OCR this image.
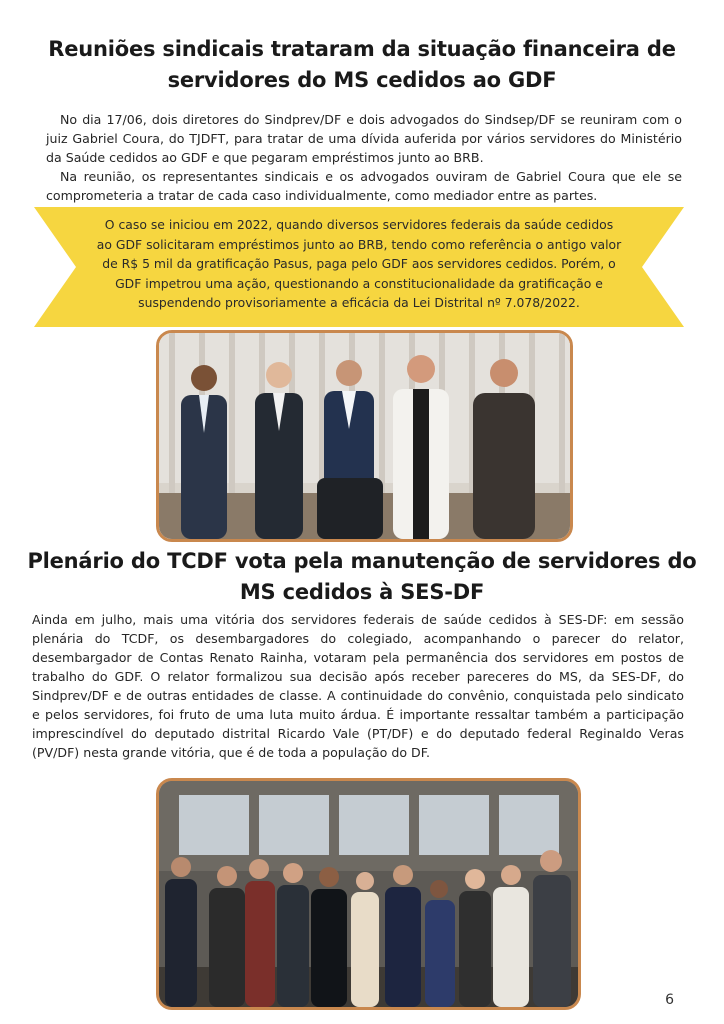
Reuniões sindicais trataram da situação financeira de
servidores do MS cedidos ao GDF

No dia 17/06, dois diretores do Sindprev/DF e dois advogados do Sindsep/DF se reuniram com o juiz Gabriel Coura, do TJDFT, para tratar de uma dívida auferida por vários servidores do Ministério da Saúde cedidos ao GDF e que pegaram empréstimos junto ao BRB.

Na reunião, os representantes sindicais e os advogados ouviram de Gabriel Coura que ele se comprometeria a tratar de cada caso individualmente, como mediador entre as partes.

O caso se iniciou em 2022, quando diversos servidores federais da saúde cedidos
ao GDF solicitaram empréstimos junto ao BRB, tendo como referência o antigo valor
de R$ 5 mil da gratificação Pasus, paga pelo GDF aos servidores cedidos. Porém, o
GDF impetrou uma ação, questionando a constitucionalidade da gratificação e
suspendendo provisoriamente a eficácia da Lei Distrital nº 7.078/2022.
Plenário do TCDF vota pela manutenção de servidores do
MS cedidos à SES-DF

Ainda em julho, mais uma vitória dos servidores federais de saúde cedidos à SES-DF: em sessão plenária do TCDF, os desembargadores do colegiado, acompanhando o parecer do relator, desembargador de Contas Renato Rainha, votaram pela permanência dos servidores em postos de trabalho do GDF. O relator formalizou sua decisão após receber pareceres do MS, da SES-DF, do Sindprev/DF e de outras entidades de classe. A continuidade do convênio, conquistada pelo sindicato e pelos servidores, foi fruto de uma luta muito árdua. É importante ressaltar também a participação imprescindível do deputado distrital Ricardo Vale (PT/DF) e do deputado federal Reginaldo Veras (PV/DF) nesta grande vitória, que é de toda a população do DF.

6
